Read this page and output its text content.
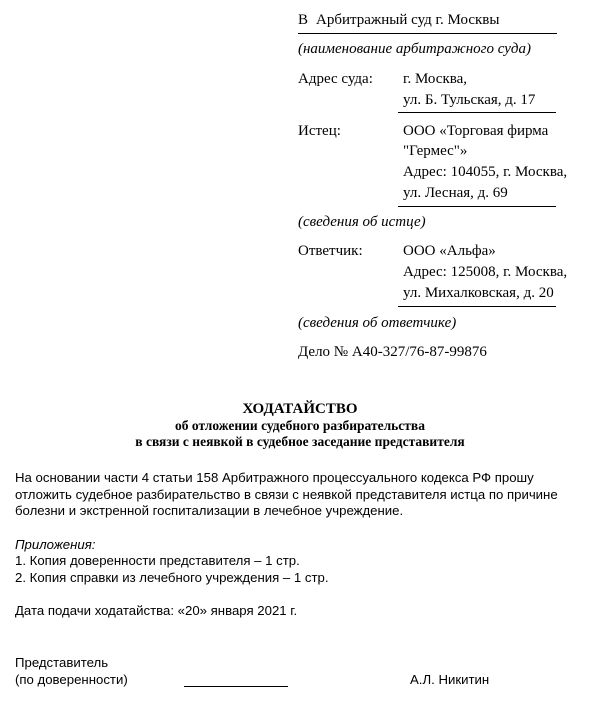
В Арбитражный суд г. Москвы
(наименование арбитражного суда)
Адрес суда: г. Москва,
ул. Б. Тульская, д. 17
Истец:	ООО «Торговая фирма
"Гермес"»
Адрес: 104055, г. Москва,
ул. Лесная, д. 69
(сведения об истце)
Ответчик:	ООО «Альфа»
Адрес: 125008, г. Москва,
ул. Михалковская, д. 20
(сведения об ответчике)
Дело № А40-327/76-87-99876
ХОДАТАЙСТВО
об отложении судебного разбирательства
в связи с неявкой в судебное заседание представителя
На основании части 4 статьи 158 Арбитражного процессуального кодекса РФ прошу
отложить судебное разбирательство в связи с неявкой представителя истца по причине
болезни и экстренной госпитализации в лечебное учреждение.
Приложения:
1. Копия доверенности представителя – 1 стр.
2. Копия справки из лечебного учреждения – 1 стр.
Дата подачи ходатайства: «20» января 2021 г.
Представитель
(по доверенности)	А.Л. Никитин
